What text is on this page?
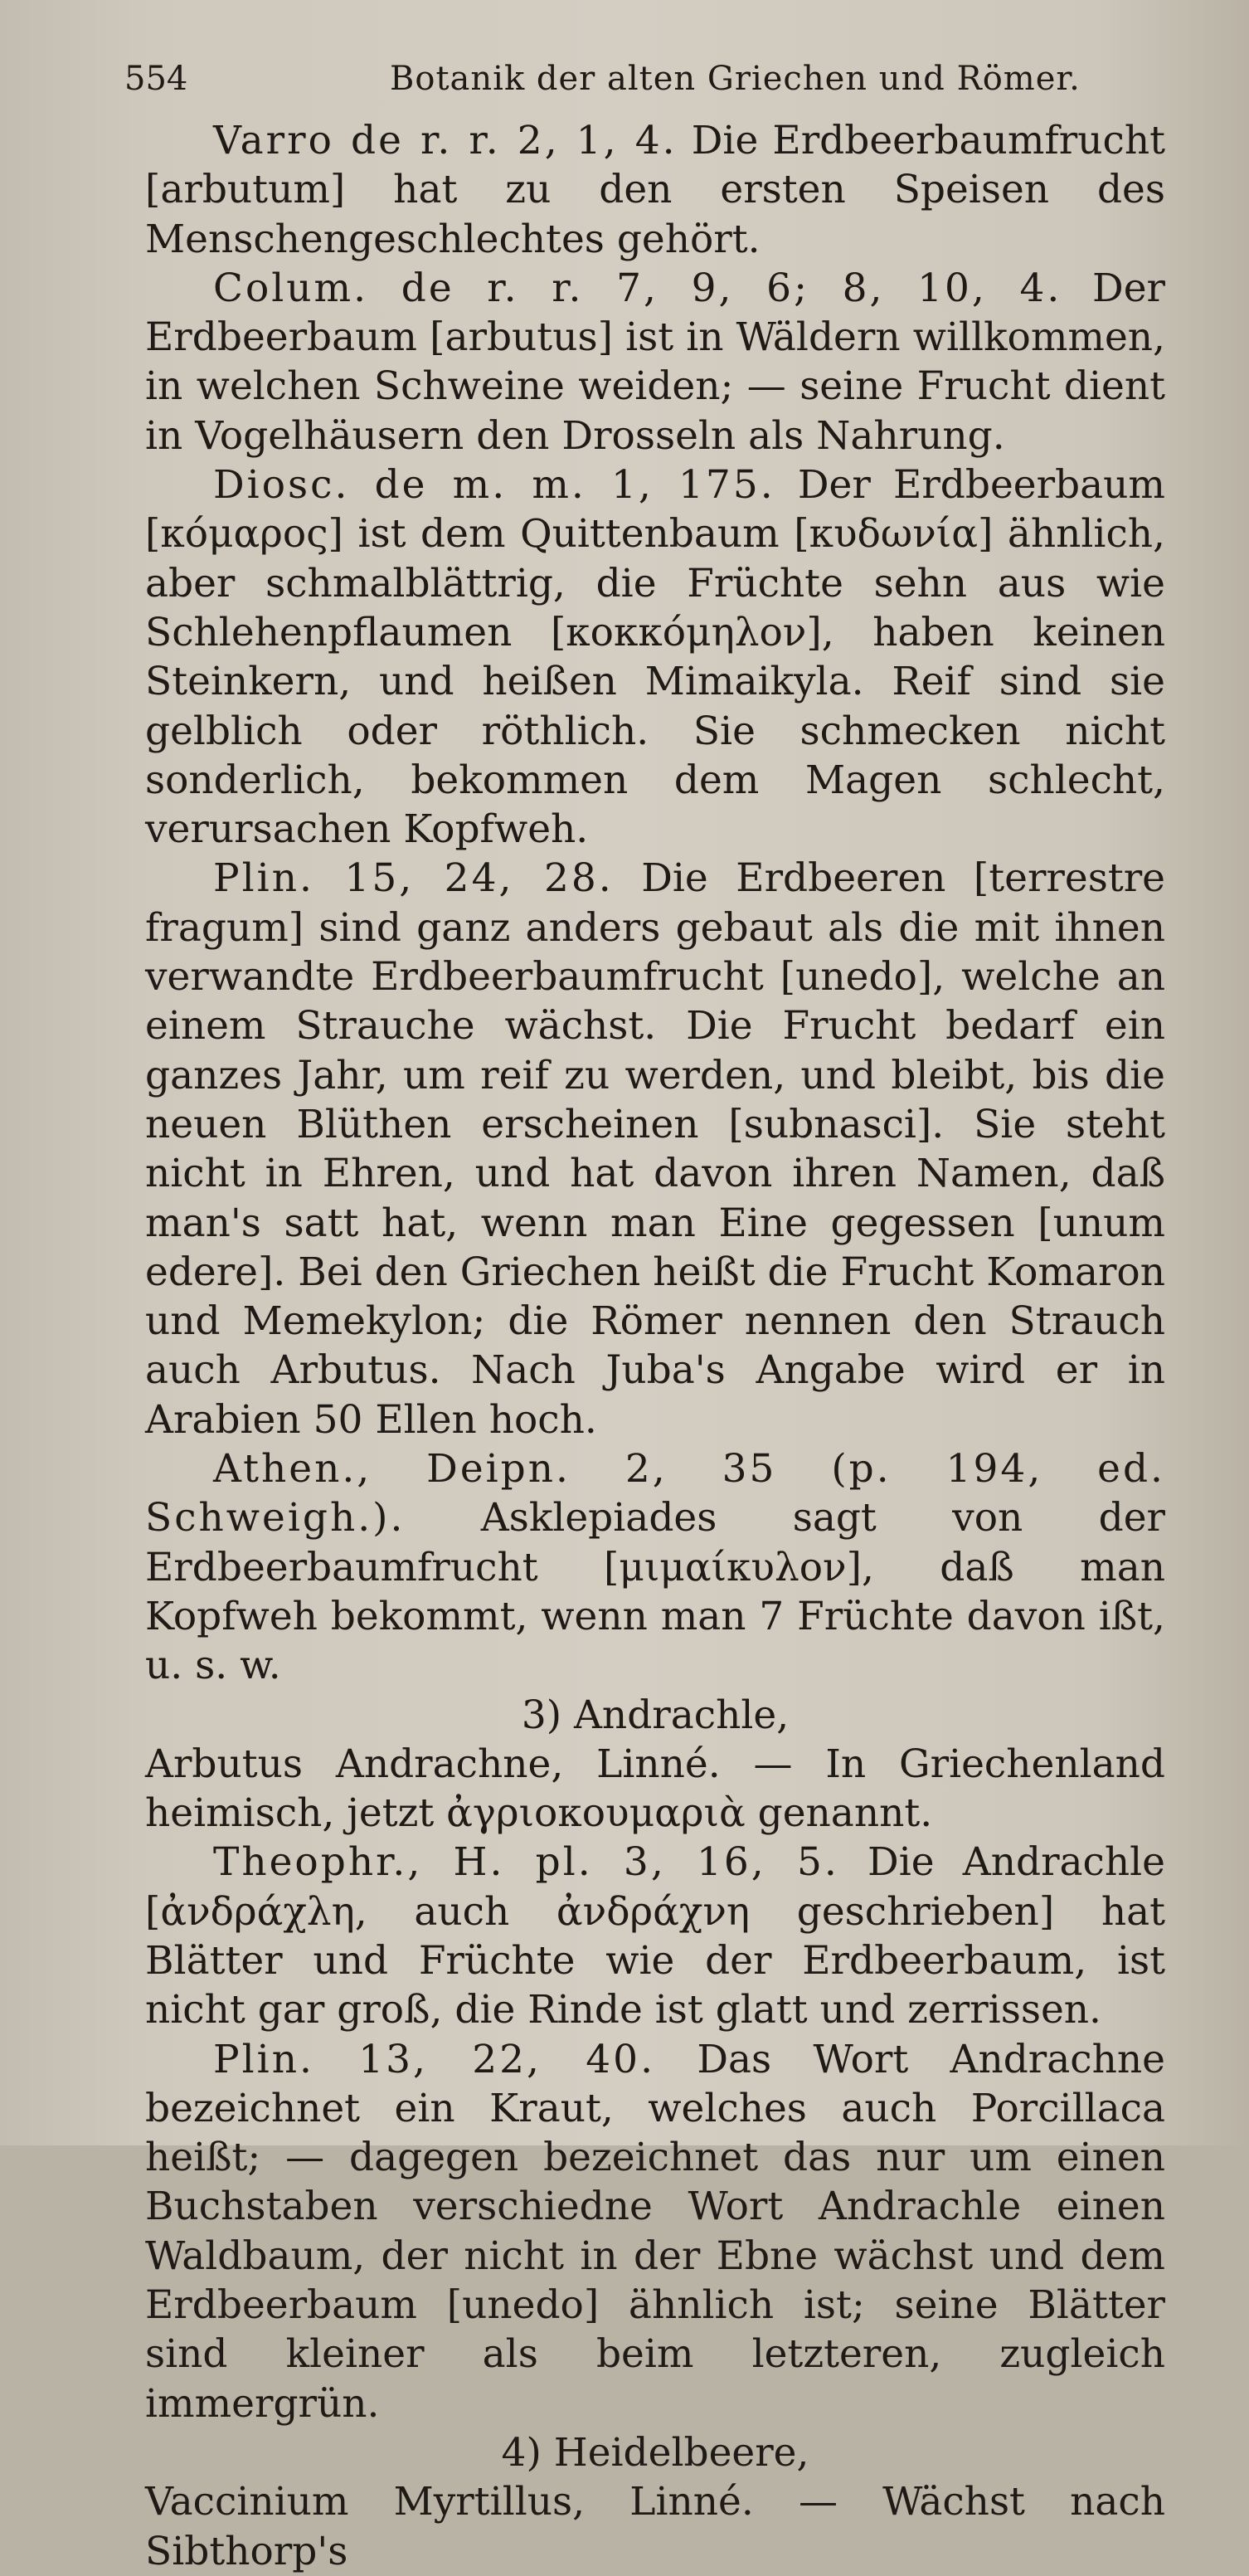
554	Botanik der alten Griechen und Römer.

Varro de r. r. 2, 1, 4. Die Erdbeerbaumfrucht [arbutum] hat zu den ersten Speisen des Menschengeschlechtes gehört.

Colum. de r. r. 7, 9, 6; 8, 10, 4. Der Erdbeerbaum [arbutus] ist in Wäldern willkommen, in welchen Schweine weiden; — seine Frucht dient in Vogelhäusern den Drosseln als Nahrung.

Diosc. de m. m. 1, 175. Der Erdbeerbaum [κόμαρος] ist dem Quittenbaum [κυδωνία] ähnlich, aber schmalblättrig, die Früchte sehn aus wie Schlehenpflaumen [κοκκόμηλον], haben keinen Steinkern, und heißen Mimaikyla. Reif sind sie gelblich oder röthlich. Sie schmecken nicht sonderlich, bekommen dem Magen schlecht, verursachen Kopfweh.

Plin. 15, 24, 28. Die Erdbeeren [terrestre fragum] sind ganz anders gebaut als die mit ihnen verwandte Erdbeerbaumfrucht [unedo], welche an einem Strauche wächst. Die Frucht bedarf ein ganzes Jahr, um reif zu werden, und bleibt, bis die neuen Blüthen erscheinen [subnasci]. Sie steht nicht in Ehren, und hat davon ihren Namen, daß man's satt hat, wenn man Eine gegessen [unum edere]. Bei den Griechen heißt die Frucht Komaron und Memekylon; die Römer nennen den Strauch auch Arbutus. Nach Juba's Angabe wird er in Arabien 50 Ellen hoch.

Athen., Deipn. 2, 35 (p. 194, ed. Schweigh.). Asklepiades sagt von der Erdbeerbaumfrucht [μιμαίκυλον], daß man Kopfweh bekommt, wenn man 7 Früchte davon ißt, u. s. w.

3) Andrachle,

Arbutus Andrachne, Linné. — In Griechenland heimisch, jetzt ἀγριοκουμαριὰ genannt.

Theophr., H. pl. 3, 16, 5. Die Andrachle [ἀνδράχλη, auch ἀνδράχνη geschrieben] hat Blätter und Früchte wie der Erdbeerbaum, ist nicht gar groß, die Rinde ist glatt und zerrissen.

Plin. 13, 22, 40. Das Wort Andrachne bezeichnet ein Kraut, welches auch Porcillaca heißt; — dagegen bezeichnet das nur um einen Buchstaben verschiedne Wort Andrachle einen Waldbaum, der nicht in der Ebne wächst und dem Erdbeerbaum [unedo] ähnlich ist; seine Blätter sind kleiner als beim letzteren, zugleich immergrün.

4) Heidelbeere,

Vaccinium Myrtillus, Linné. — Wächst nach Sibthorp's
